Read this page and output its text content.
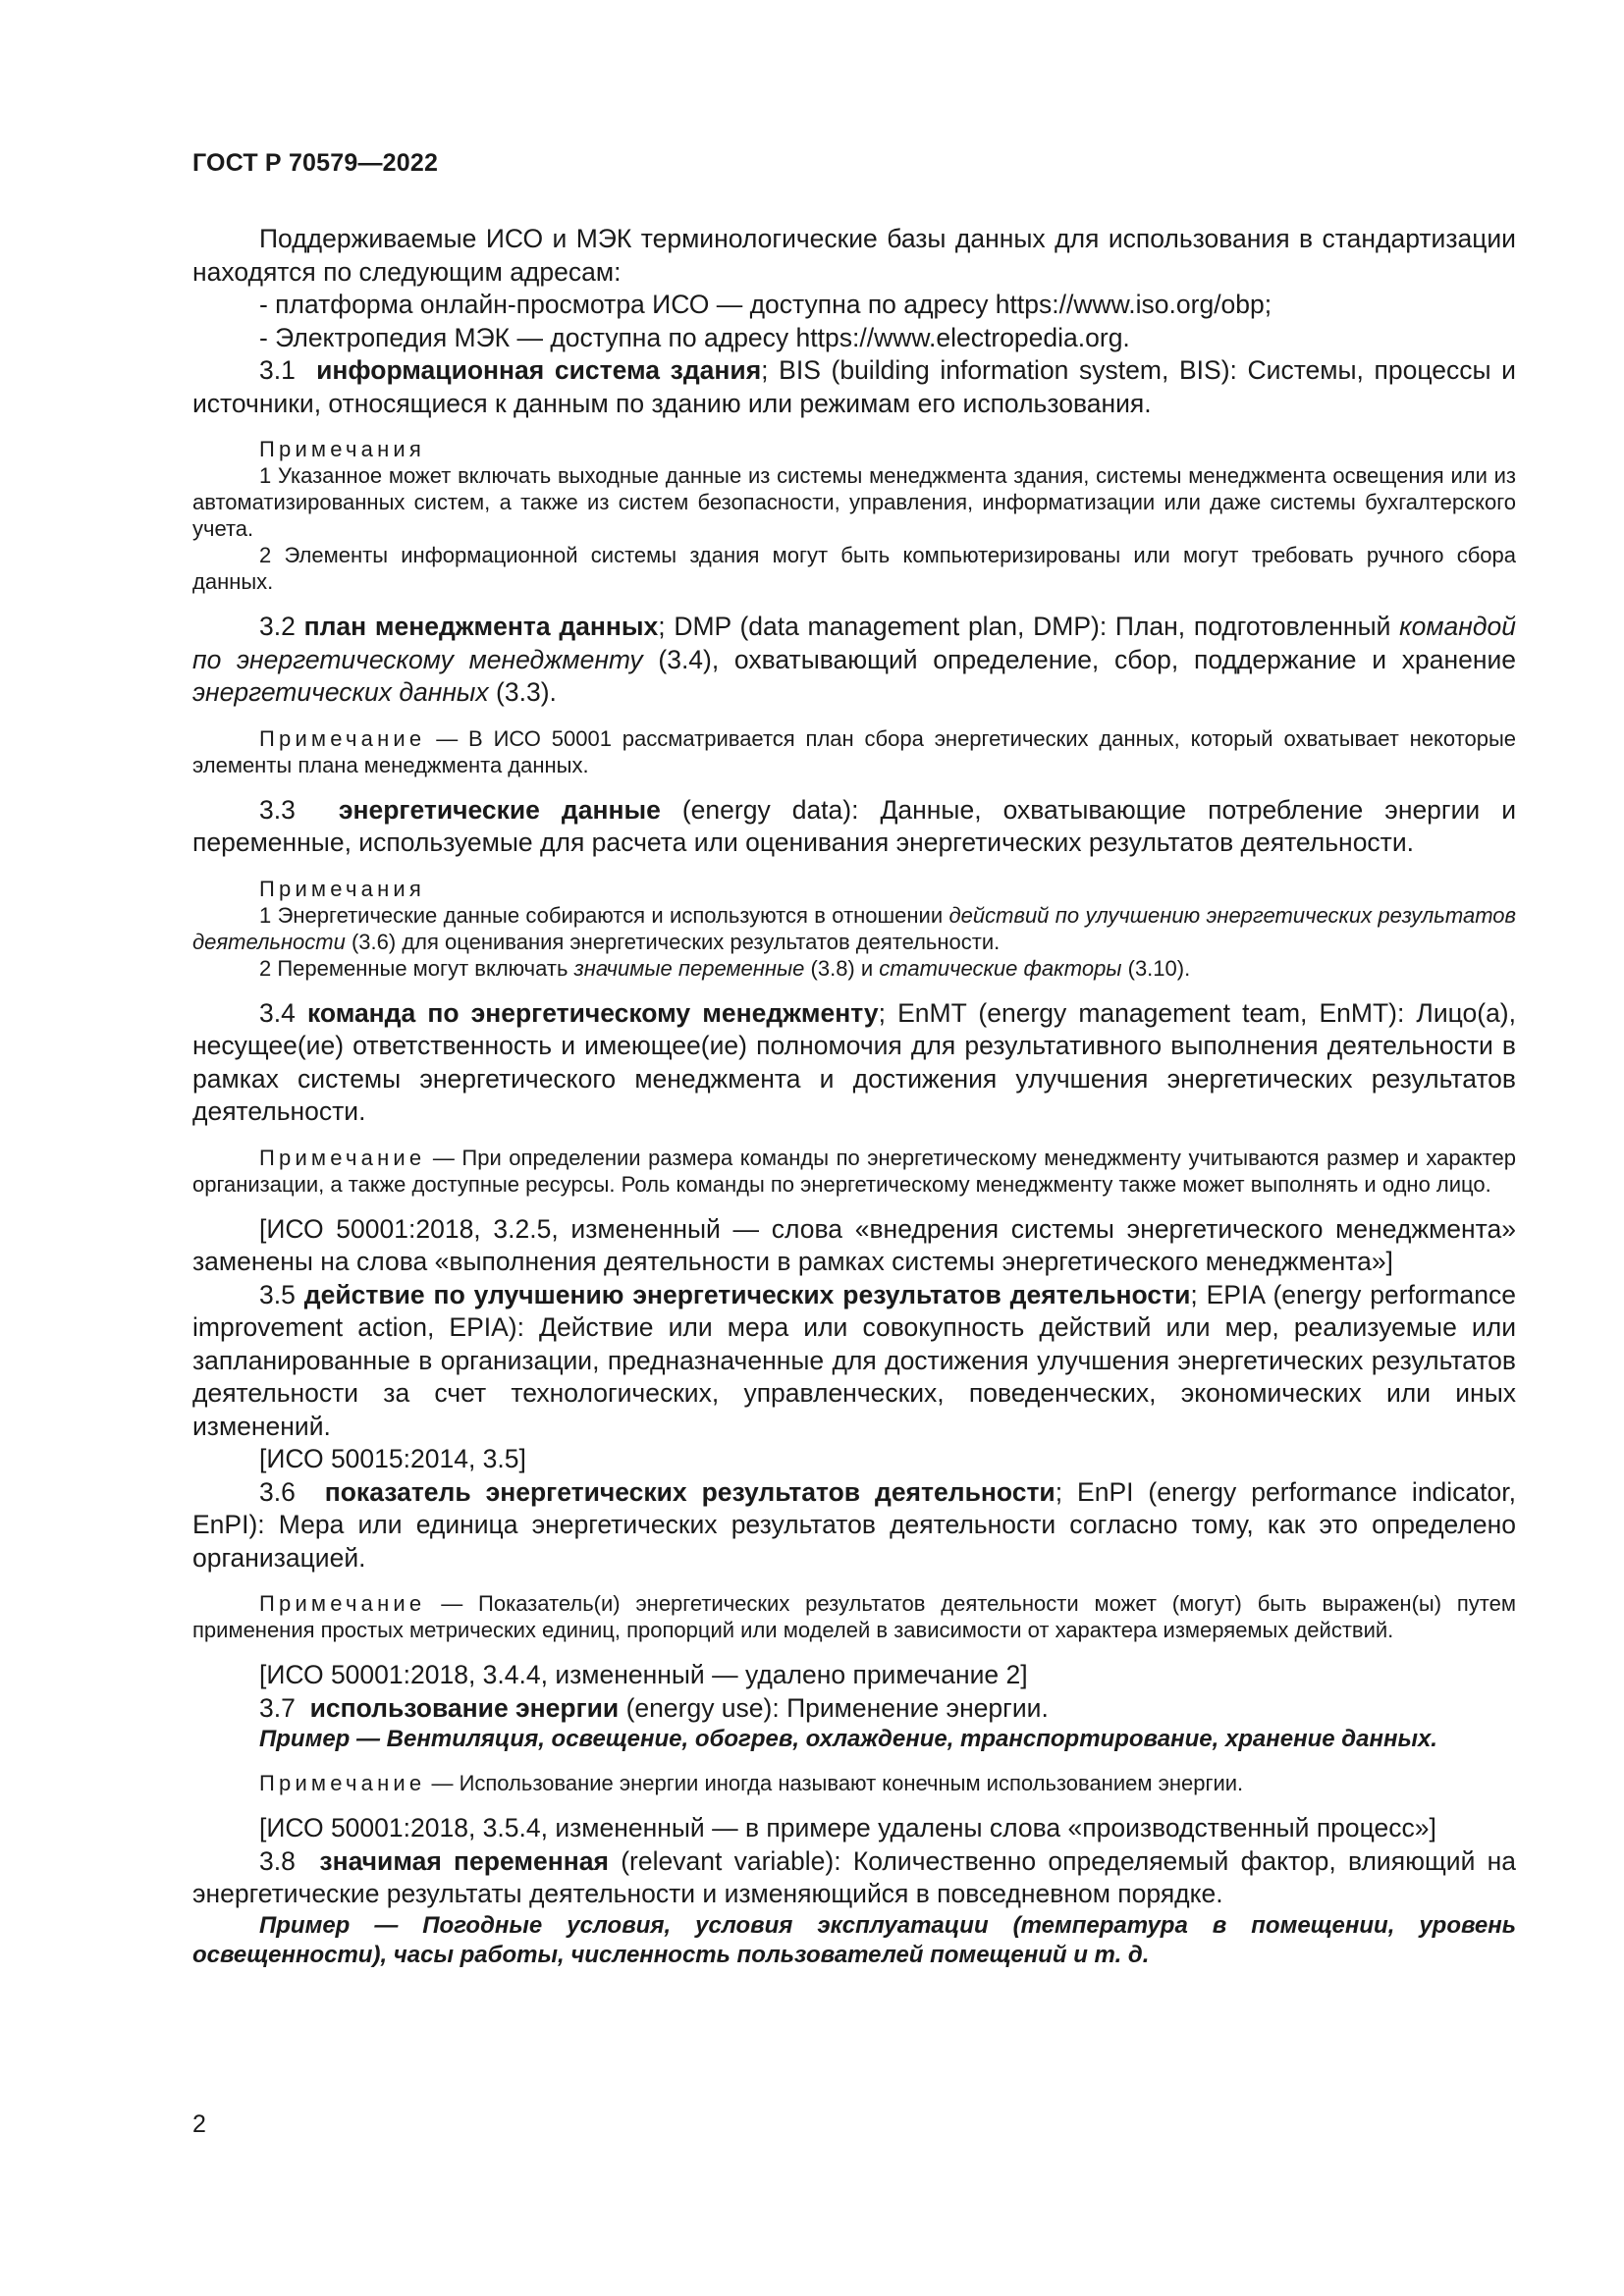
ГОСТ Р 70579—2022

Поддерживаемые ИСО и МЭК терминологические базы данных для использования в стандартизации находятся по следующим адресам:

- платформа онлайн-просмотра ИСО — доступна по адресу https://www.iso.org/obp;

- Электропедия МЭК — доступна по адресу https://www.electropedia.org.

3.1 информационная система здания; BIS (building information system, BIS): Системы, процессы и источники, относящиеся к данным по зданию или режимам его использования.

Примечания

1 Указанное может включать выходные данные из системы менеджмента здания, системы менеджмента освещения или из автоматизированных систем, а также из систем безопасности, управления, информатизации или даже системы бухгалтерского учета.

2 Элементы информационной системы здания могут быть компьютеризированы или могут требовать ручного сбора данных.

3.2 план менеджмента данных; DMP (data management plan, DMP): План, подготовленный командой по энергетическому менеджменту (3.4), охватывающий определение, сбор, поддержание и хранение энергетических данных (3.3).

Примечание — В ИСО 50001 рассматривается план сбора энергетических данных, который охватывает некоторые элементы плана менеджмента данных.

3.3 энергетические данные (energy data): Данные, охватывающие потребление энергии и переменные, используемые для расчета или оценивания энергетических результатов деятельности.

Примечания

1 Энергетические данные собираются и используются в отношении действий по улучшению энергетических результатов деятельности (3.6) для оценивания энергетических результатов деятельности.

2 Переменные могут включать значимые переменные (3.8) и статические факторы (3.10).

3.4 команда по энергетическому менеджменту; EnMT (energy management team, EnMT): Лицо(а), несущее(ие) ответственность и имеющее(ие) полномочия для результативного выполнения деятельности в рамках системы энергетического менеджмента и достижения улучшения энергетических результатов деятельности.

Примечание — При определении размера команды по энергетическому менеджменту учитываются размер и характер организации, а также доступные ресурсы. Роль команды по энергетическому менеджменту также может выполнять и одно лицо.

[ИСО 50001:2018, 3.2.5, измененный — слова «внедрения системы энергетического менеджмента» заменены на слова «выполнения деятельности в рамках системы энергетического менеджмента»]

3.5 действие по улучшению энергетических результатов деятельности; EPIA (energy performance improvement action, EPIA): Действие или мера или совокупность действий или мер, реализуемые или запланированные в организации, предназначенные для достижения улучшения энергетических результатов деятельности за счет технологических, управленческих, поведенческих, экономических или иных изменений.

[ИСО 50015:2014, 3.5]

3.6 показатель энергетических результатов деятельности; EnPI (energy performance indicator, EnPI): Мера или единица энергетических результатов деятельности согласно тому, как это определено организацией.

Примечание — Показатель(и) энергетических результатов деятельности может (могут) быть выражен(ы) путем применения простых метрических единиц, пропорций или моделей в зависимости от характера измеряемых действий.

[ИСО 50001:2018, 3.4.4, измененный — удалено примечание 2]

3.7 использование энергии (energy use): Применение энергии.

Пример — Вентиляция, освещение, обогрев, охлаждение, транспортирование, хранение данных.

Примечание — Использование энергии иногда называют конечным использованием энергии.

[ИСО 50001:2018, 3.5.4, измененный — в примере удалены слова «производственный процесс»]

3.8 значимая переменная (relevant variable): Количественно определяемый фактор, влияющий на энергетические результаты деятельности и изменяющийся в повседневном порядке.

Пример — Погодные условия, условия эксплуатации (температура в помещении, уровень освещенности), часы работы, численность пользователей помещений и т. д.

2
